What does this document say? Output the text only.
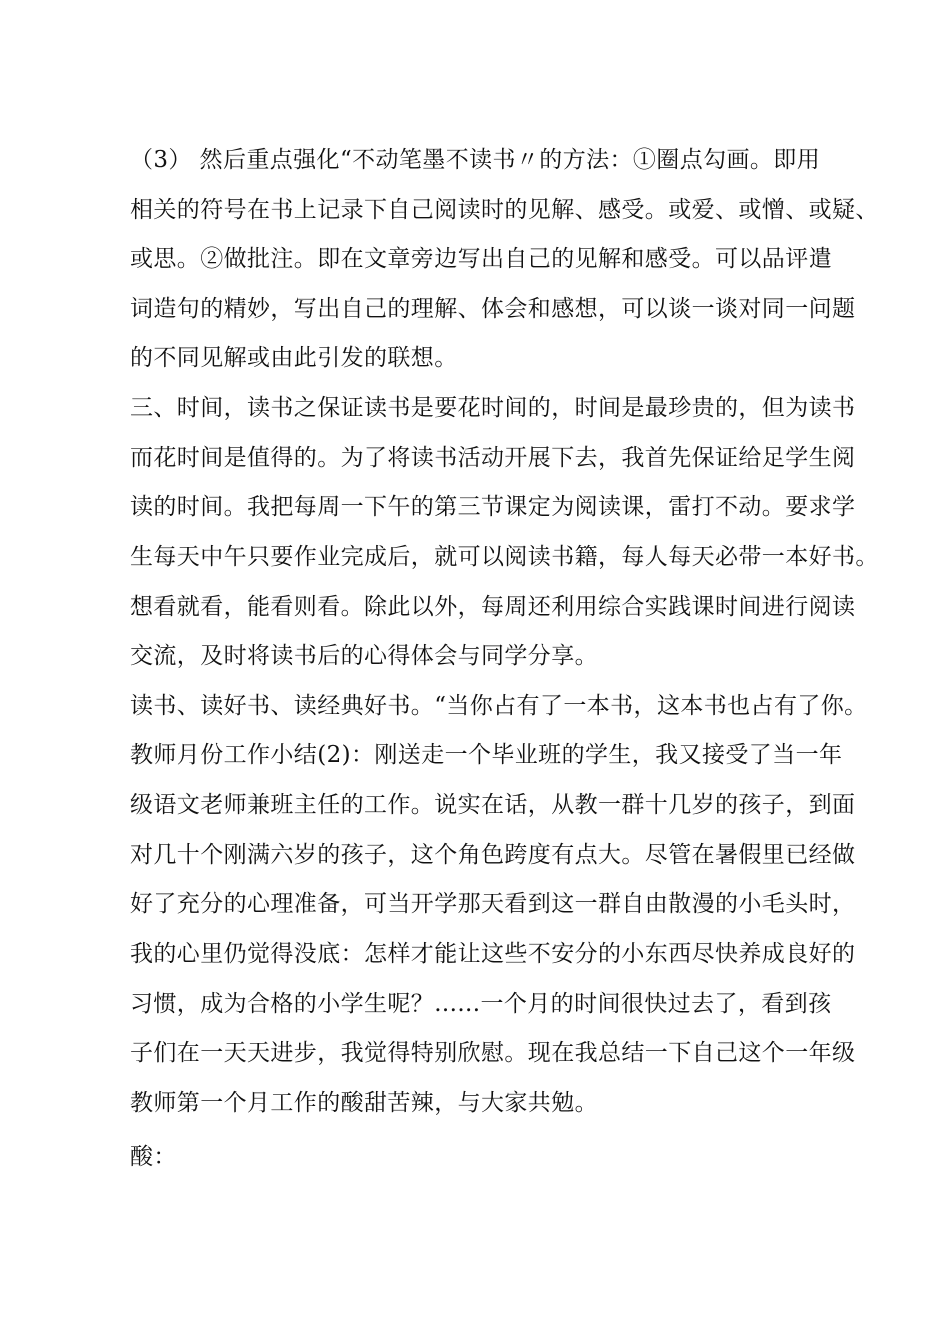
（3） 然后重点强化“不动笔墨不读书〃的方法：①圈点勾画。即用
相关的符号在书上记录下自己阅读时的见解、感受。或爱、或憎、或疑、
或思。②做批注。即在文章旁边写出自己的见解和感受。可以品评遣
词造句的精妙，写出自己的理解、体会和感想，可以谈一谈对同一问题
的不同见解或由此引发的联想。
三、时间，读书之保证读书是要花时间的，时间是最珍贵的，但为读书
而花时间是值得的。为了将读书活动开展下去，我首先保证给足学生阅
读的时间。我把每周一下午的第三节课定为阅读课，雷打不动。要求学
生每天中午只要作业完成后，就可以阅读书籍，每人每天必带一本好书。
想看就看，能看则看。除此以外，每周还利用综合实践课时间进行阅读
交流，及时将读书后的心得体会与同学分享。
读书、读好书、读经典好书。“当你占有了一本书，这本书也占有了你。
教师月份工作小结(2)：刚送走一个毕业班的学生，我又接受了当一年
级语文老师兼班主任的工作。说实在话，从教一群十几岁的孩子，到面
对几十个刚满六岁的孩子，这个角色跨度有点大。尽管在暑假里已经做
好了充分的心理准备，可当开学那天看到这一群自由散漫的小毛头时，
我的心里仍觉得没底：怎样才能让这些不安分的小东西尽快养成良好的
习惯，成为合格的小学生呢？......一个月的时间很快过去了，看到孩
子们在一天天进步，我觉得特别欣慰。现在我总结一下自己这个一年级
教师第一个月工作的酸甜苦辣，与大家共勉。
酸：
